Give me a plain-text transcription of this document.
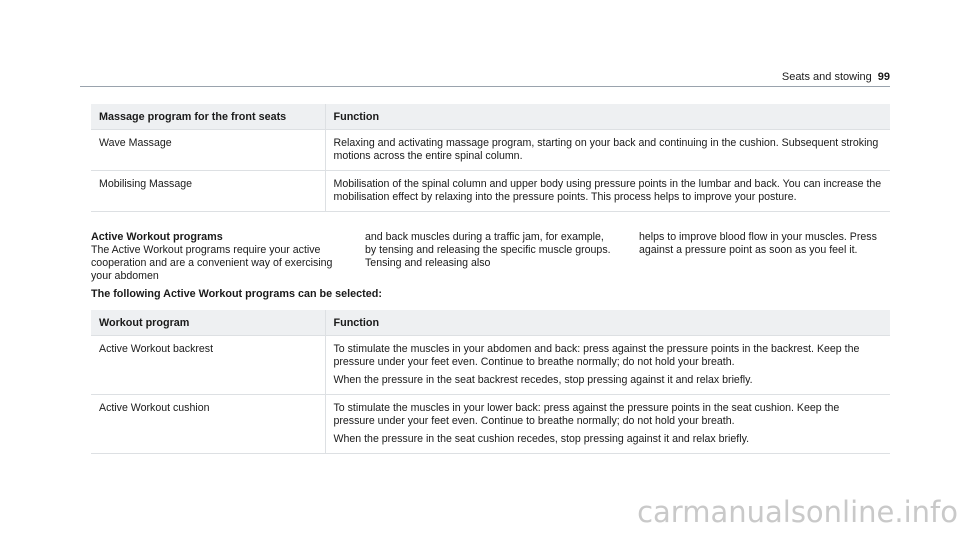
Seats and stowing 99
Massage program for the front seats	Function
Wave Massage	Relaxing and activating massage program, starting on your back and continuing in the cushion. Subsequent stroking motions across the entire spinal column.
Mobilising Massage	Mobilisation of the spinal column and upper body using pressure points in the lumbar and back. You can increase the mobilisation effect by relaxing into the pressure points. This process helps to improve your posture.
Active Workout programs
The Active Workout programs require your active cooperation and are a convenient way of exercising your abdomen
and back muscles during a traffic jam, for example, by tensing and releasing the specific muscle groups. Tensing and releasing also
helps to improve blood flow in your muscles. Press against a pressure point as soon as you feel it.
The following Active Workout programs can be selected:
Workout program	Function
Active Workout backrest	To stimulate the muscles in your abdomen and back: press against the pressure points in the backrest. Keep the pressure under your feet even. Continue to breathe normally; do not hold your breath.

When the pressure in the seat backrest recedes, stop pressing against it and relax briefly.

Active Workout cushion	To stimulate the muscles in your lower back: press against the pressure points in the seat cushion. Keep the pressure under your feet even. Continue to breathe normally; do not hold your breath.

When the pressure in the seat cushion recedes, stop pressing against it and relax briefly.

carmanualsonline.info
